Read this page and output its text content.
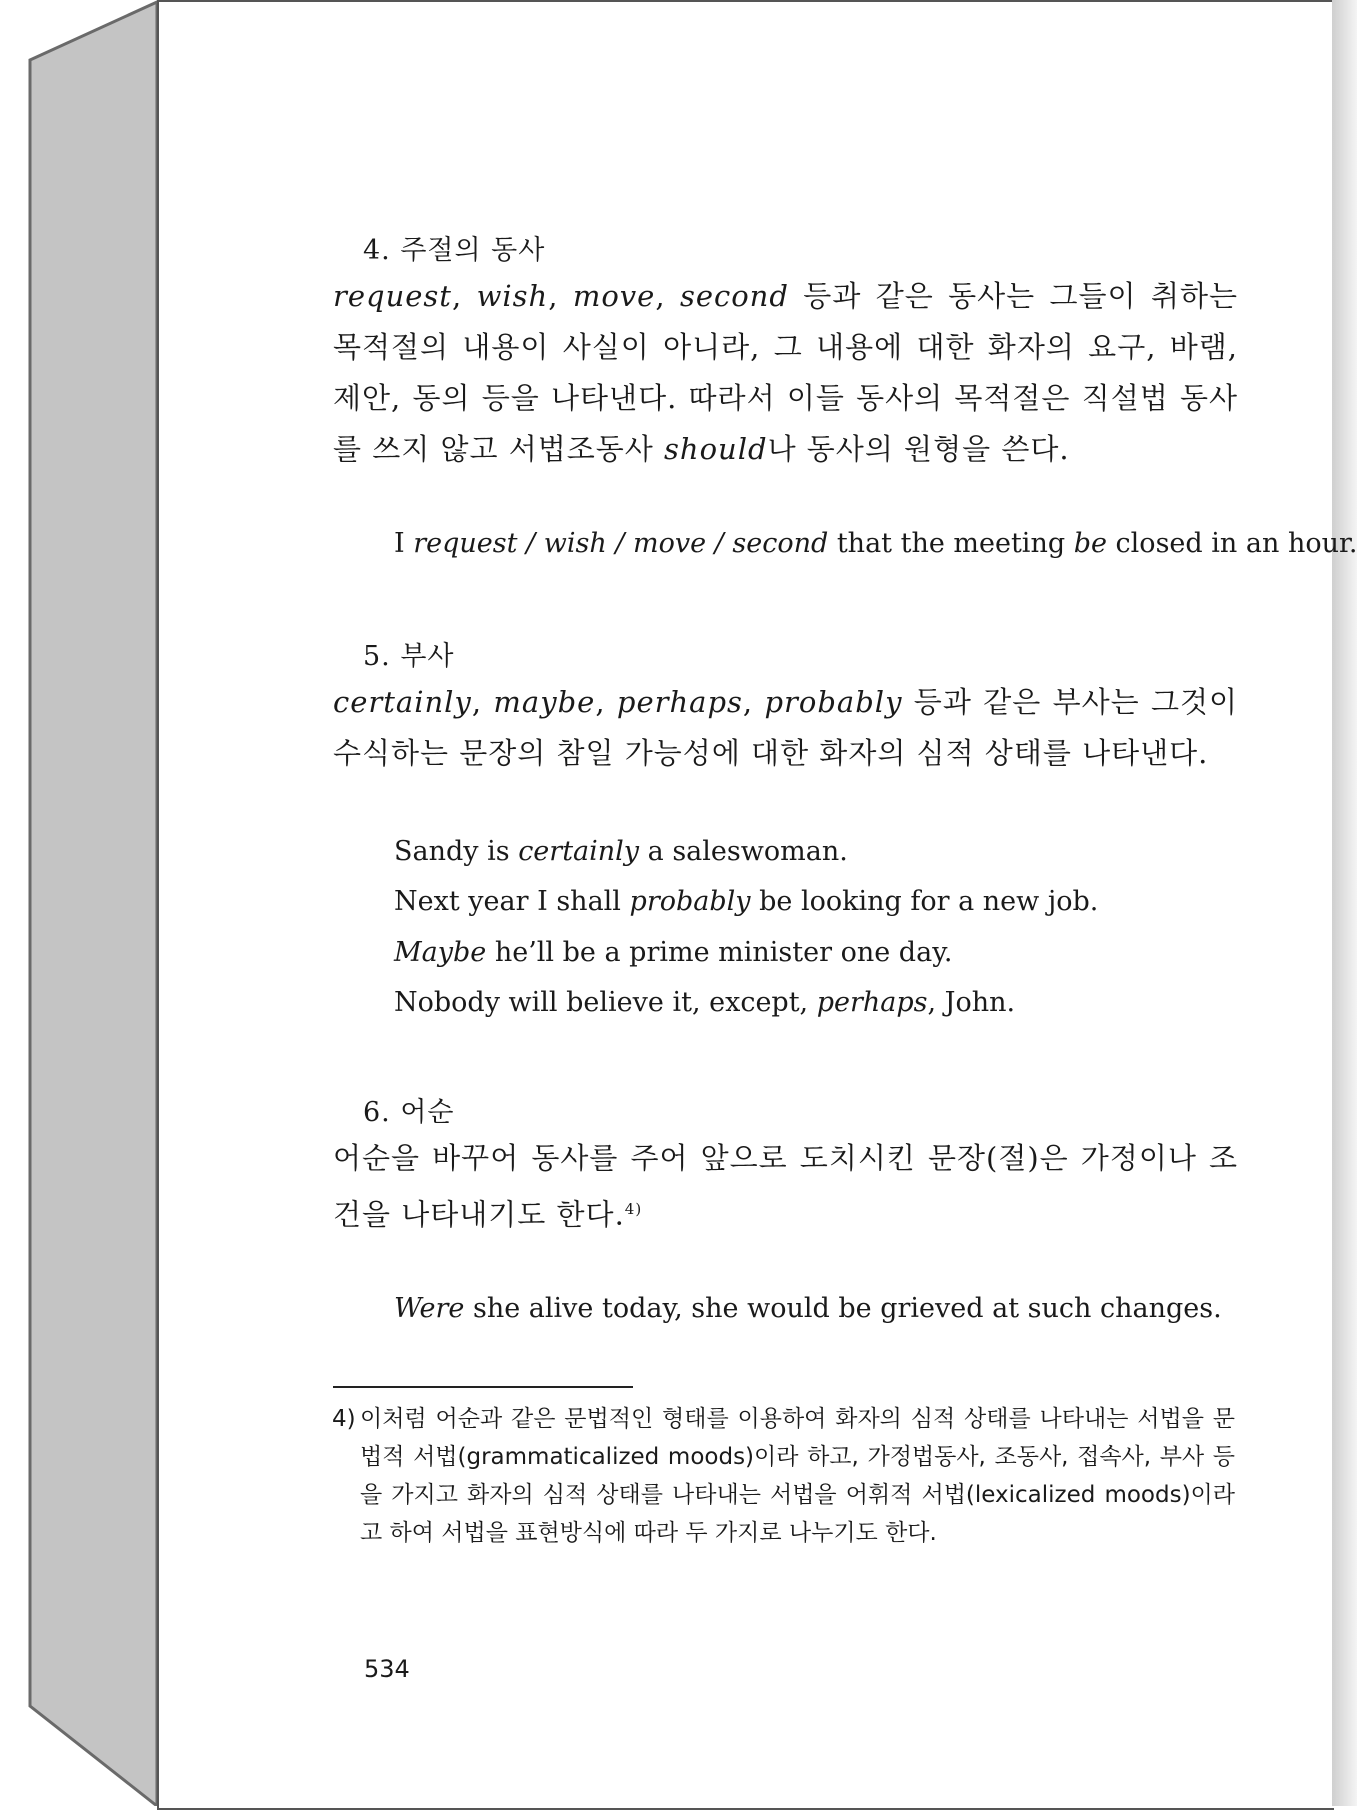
4. 주절의 동사
request, wish, move, second 등과 같은 동사는 그들이 취하는 목적절의 내용이 사실이 아니라, 그 내용에 대한 화자의 요구, 바램, 제안, 동의 등을 나타낸다. 따라서 이들 동사의 목적절은 직설법 동사를 쓰지 않고 서법조동사 should나 동사의 원형을 쓴다.
I request / wish / move / second that the meeting be closed in an hour.
5. 부사
certainly, maybe, perhaps, probably 등과 같은 부사는 그것이 수식하는 문장의 참일 가능성에 대한 화자의 심적 상태를 나타낸다.
Sandy is certainly a saleswoman.
Next year I shall probably be looking for a new job.
Maybe he’ll be a prime minister one day.
Nobody will believe it, except, perhaps, John.
6. 어순
어순을 바꾸어 동사를 주어 앞으로 도치시킨 문장(절)은 가정이나 조건을 나타내기도 한다.$^{4)}$
Were she alive today, she would be grieved at such changes.
4) 이처럼 어순과 같은 문법적인 형태를 이용하여 화자의 심적 상태를 나타내는 서법을 문법적 서법(grammaticalized moods)이라 하고, 가정법동사, 조동사, 접속사, 부사 등을 가지고 화자의 심적 상태를 나타내는 서법을 어휘적 서법(lexicalized moods)이라고 하여 서법을 표현방식에 따라 두 가지로 나누기도 한다.
534
